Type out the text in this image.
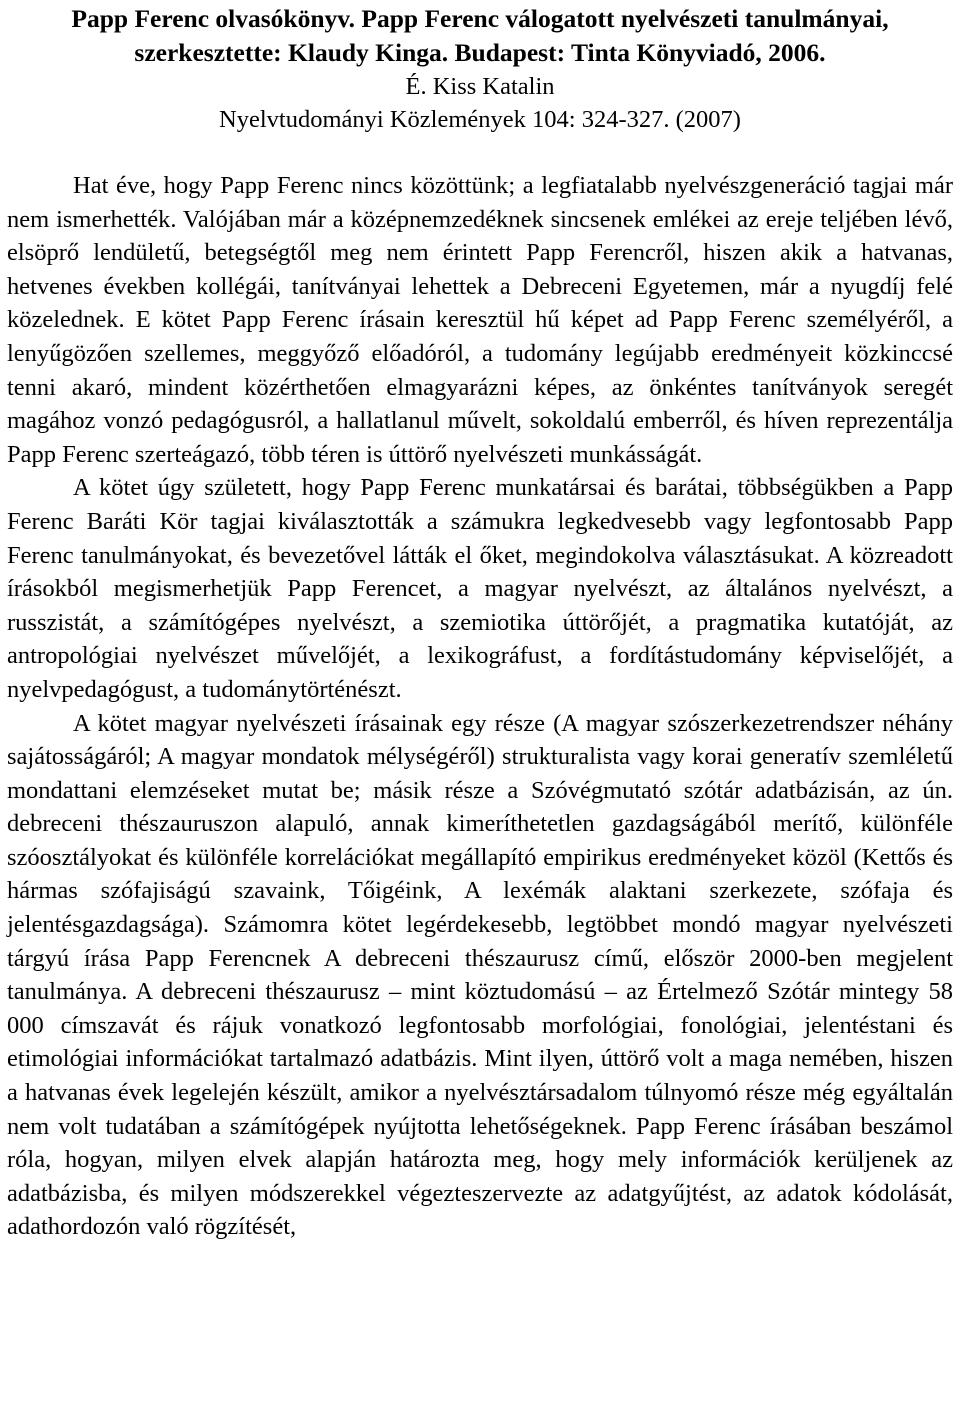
Papp Ferenc olvasókönyv. Papp Ferenc válogatott nyelvészeti tanulmányai, szerkesztette: Klaudy Kinga. Budapest: Tinta Könyviadó, 2006.

É. Kiss Katalin

Nyelvtudományi Közlemények 104: 324-327. (2007)

Hat éve, hogy Papp Ferenc nincs közöttünk; a legfiatalabb nyelvészgeneráció tagjai már nem ismerhették. Valójában már a középnemzedéknek sincsenek emlékei az ereje teljében lévő, elsöprő lendületű, betegségtől meg nem érintett Papp Ferencről, hiszen akik a hatvanas, hetvenes években kollégái, tanítványai lehettek a Debreceni Egyetemen, már a nyugdíj felé közelednek. E kötet Papp Ferenc írásain keresztül hű képet ad Papp Ferenc személyéről, a lenyűgözően szellemes, meggyőző előadóról, a tudomány legújabb eredményeit közkinccsé tenni akaró, mindent közérthetően elmagyarázni képes, az önkéntes tanítványok seregét magához vonzó pedagógusról, a hallatlanul művelt, sokoldalú emberről, és híven reprezentálja Papp Ferenc szerteágazó, több téren is úttörő nyelvészeti munkásságát.

A kötet úgy született, hogy Papp Ferenc munkatársai és barátai, többségükben a Papp Ferenc Baráti Kör tagjai kiválasztották a számukra legkedvesebb vagy legfontosabb Papp Ferenc tanulmányokat, és bevezetővel látták el őket, megindokolva választásukat. A közreadott írásokból megismerhetjük Papp Ferencet, a magyar nyelvészt, az általános nyelvészt, a russzistát, a számítógépes nyelvészt, a szemiotika úttörőjét, a pragmatika kutatóját, az antropológiai nyelvészet művelőjét, a lexikográfust, a fordítástudomány képviselőjét, a nyelvpedagógust, a tudománytörténészt.

A kötet magyar nyelvészeti írásainak egy része (A magyar szószerkezetrendszer néhány sajátosságáról; A magyar mondatok mélységéről) strukturalista vagy korai generatív szemléletű mondattani elemzéseket mutat be; másik része a Szóvégmutató szótár adatbázisán, az ún. debreceni thészauruszon alapuló, annak kimeríthetetlen gazdagságából merítő, különféle szóosztályokat és különféle korrelációkat megállapító empirikus eredményeket közöl (Kettős és hármas szófajiságú szavaink, Tőigéink, A lexémák alaktani szerkezete, szófaja és jelentésgazdagsága). Számomra kötet legérdekesebb, legtöbbet mondó magyar nyelvészeti tárgyú írása Papp Ferencnek A debreceni thészaurusz című, először 2000-ben megjelent tanulmánya. A debreceni thészaurusz – mint köztudomású – az Értelmező Szótár mintegy 58 000 címszavát és rájuk vonatkozó legfontosabb morfológiai, fonológiai, jelentéstani és etimológiai információkat tartalmazó adatbázis. Mint ilyen, úttörő volt a maga nemében, hiszen a hatvanas évek legelején készült, amikor a nyelvésztársadalom túlnyomó része még egyáltalán nem volt tudatában a számítógépek nyújtotta lehetőségeknek. Papp Ferenc írásában beszámol róla, hogyan, milyen elvek alapján határozta meg, hogy mely információk kerüljenek az adatbázisba, és milyen módszerekkel végezteszervezte az adatgyűjtést, az adatok kódolását, adathordozón való rögzítését,
